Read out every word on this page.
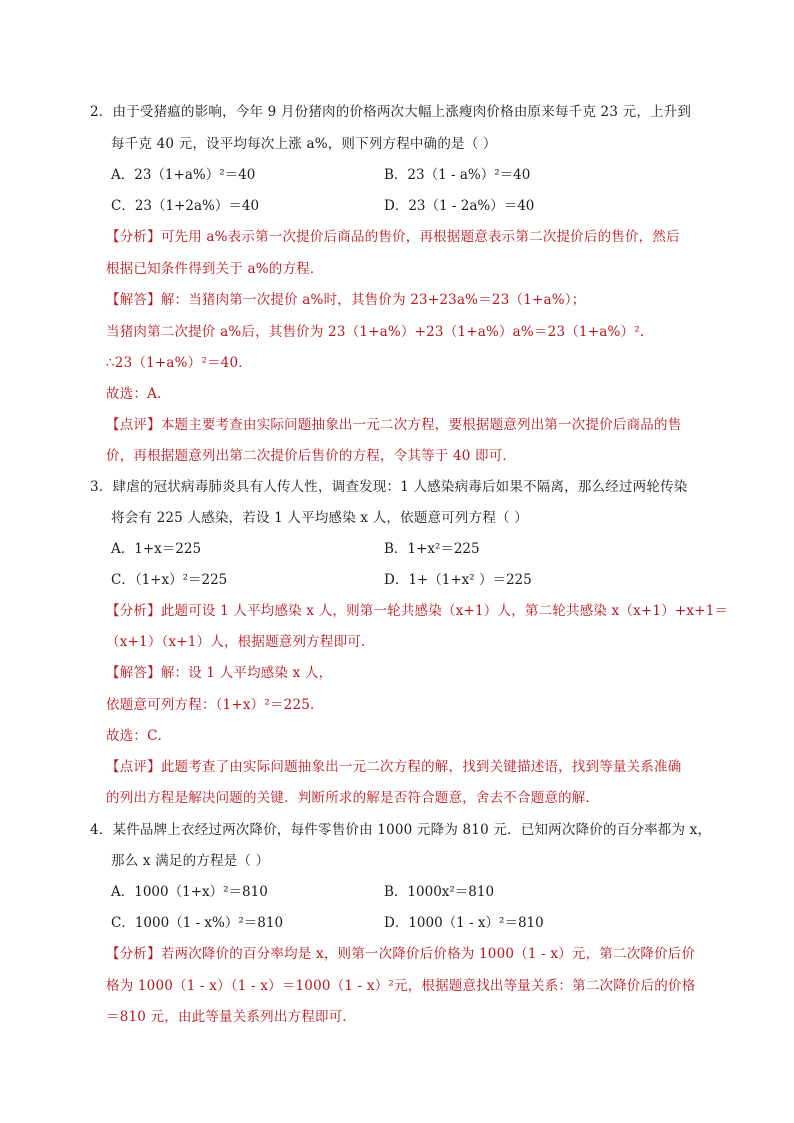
2．由于受猪瘟的影响，今年 9 月份猪肉的价格两次大幅上涨瘦肉价格由原来每千克 23 元，上升到
每千克 40 元，设平均每次上涨 a%，则下列方程中确的是（ ）
A．23（1+a%）²＝40	B．23（1 - a%）²＝40
C．23（1+2a%）＝40	D．23（1 - 2a%）＝40
【分析】可先用 a%表示第一次提价后商品的售价，再根据题意表示第二次提价后的售价，然后
根据已知条件得到关于 a%的方程．
【解答】解：当猪肉第一次提价 a%时，其售价为 23+23a%＝23（1+a%）；
当猪肉第二次提价 a%后，其售价为 23（1+a%）+23（1+a%）a%＝23（1+a%）².
∴23（1+a%）²＝40．
故选：A．
【点评】本题主要考查由实际问题抽象出一元二次方程，要根据题意列出第一次提价后商品的售
价，再根据题意列出第二次提价后售价的方程，令其等于 40 即可．
3．肆虐的冠状病毒肺炎具有人传人性，调查发现：1 人感染病毒后如果不隔离，那么经过两轮传染
将会有 225 人感染，若设 1 人平均感染 x 人，依题意可列方程（ ）
A．1+x＝225	B．1+x²＝225
C．（1+x）²＝225	D．1+（1+x² ）＝225
【分析】此题可设 1 人平均感染 x 人，则第一轮共感染（x+1）人，第二轮共感染 x（x+1）+x+1＝
（x+1）（x+1）人，根据题意列方程即可．
【解答】解：设 1 人平均感染 x 人，
依题意可列方程：（1+x）²＝225．
故选：C．
【点评】此题考查了由实际问题抽象出一元二次方程的解，找到关键描述语，找到等量关系准确
的列出方程是解决问题的关键．判断所求的解是否符合题意，舍去不合题意的解．
4．某件品牌上衣经过两次降价，每件零售价由 1000 元降为 810 元．已知两次降价的百分率都为 x，
那么 x 满足的方程是（ ）
A．1000（1+x）²＝810	B．1000x²＝810
C．1000（1 - x%）²＝810	D．1000（1 - x）²＝810
【分析】若两次降价的百分率均是 x，则第一次降价后价格为 1000（1 - x）元，第二次降价后价
格为 1000（1 - x）（1 - x）＝1000（1 - x）²元，根据题意找出等量关系：第二次降价后的价格
＝810 元，由此等量关系列出方程即可．
